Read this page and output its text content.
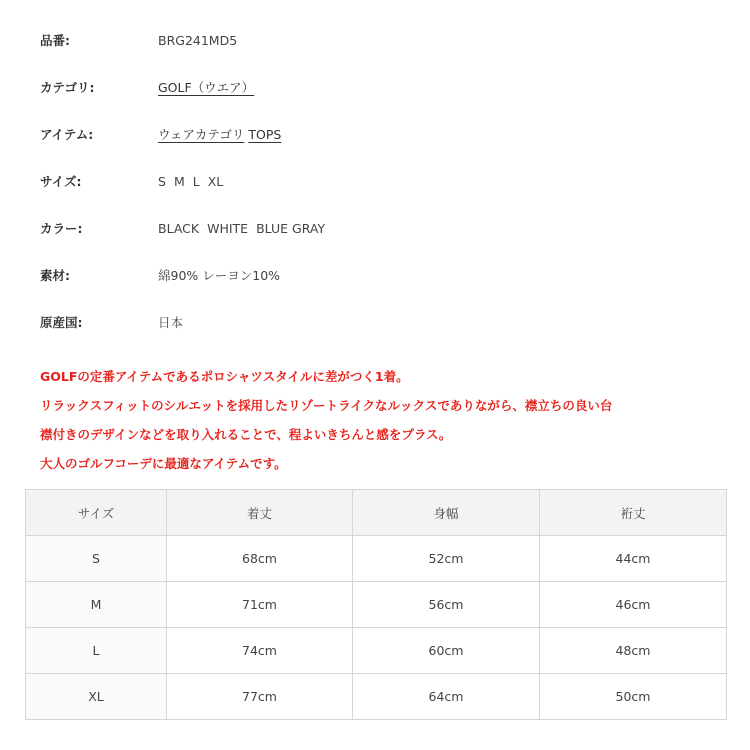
品番:	BRG241MD5
カテゴリ:	GOLF（ウエア）
アイテム:	ウェアカテゴリ TOPS
サイズ:	S M L XL
カラー:	BLACK WHITE BLUE GRAY
素材:	綿90% レーヨン10%
原産国:	日本
GOLFの定番アイテムであるポロシャツスタイルに差がつく1着。
リラックスフィットのシルエットを採用したリゾートライクなルックスでありながら、襟立ちの良い台
襟付きのデザインなどを取り入れることで、程よいきちんと感をプラス。
大人のゴルフコーデに最適なアイテムです。
サイズ	着丈	身幅	裄丈
S	68cm	52cm	44cm
M	71cm	56cm	46cm
L	74cm	60cm	48cm
XL	77cm	64cm	50cm
